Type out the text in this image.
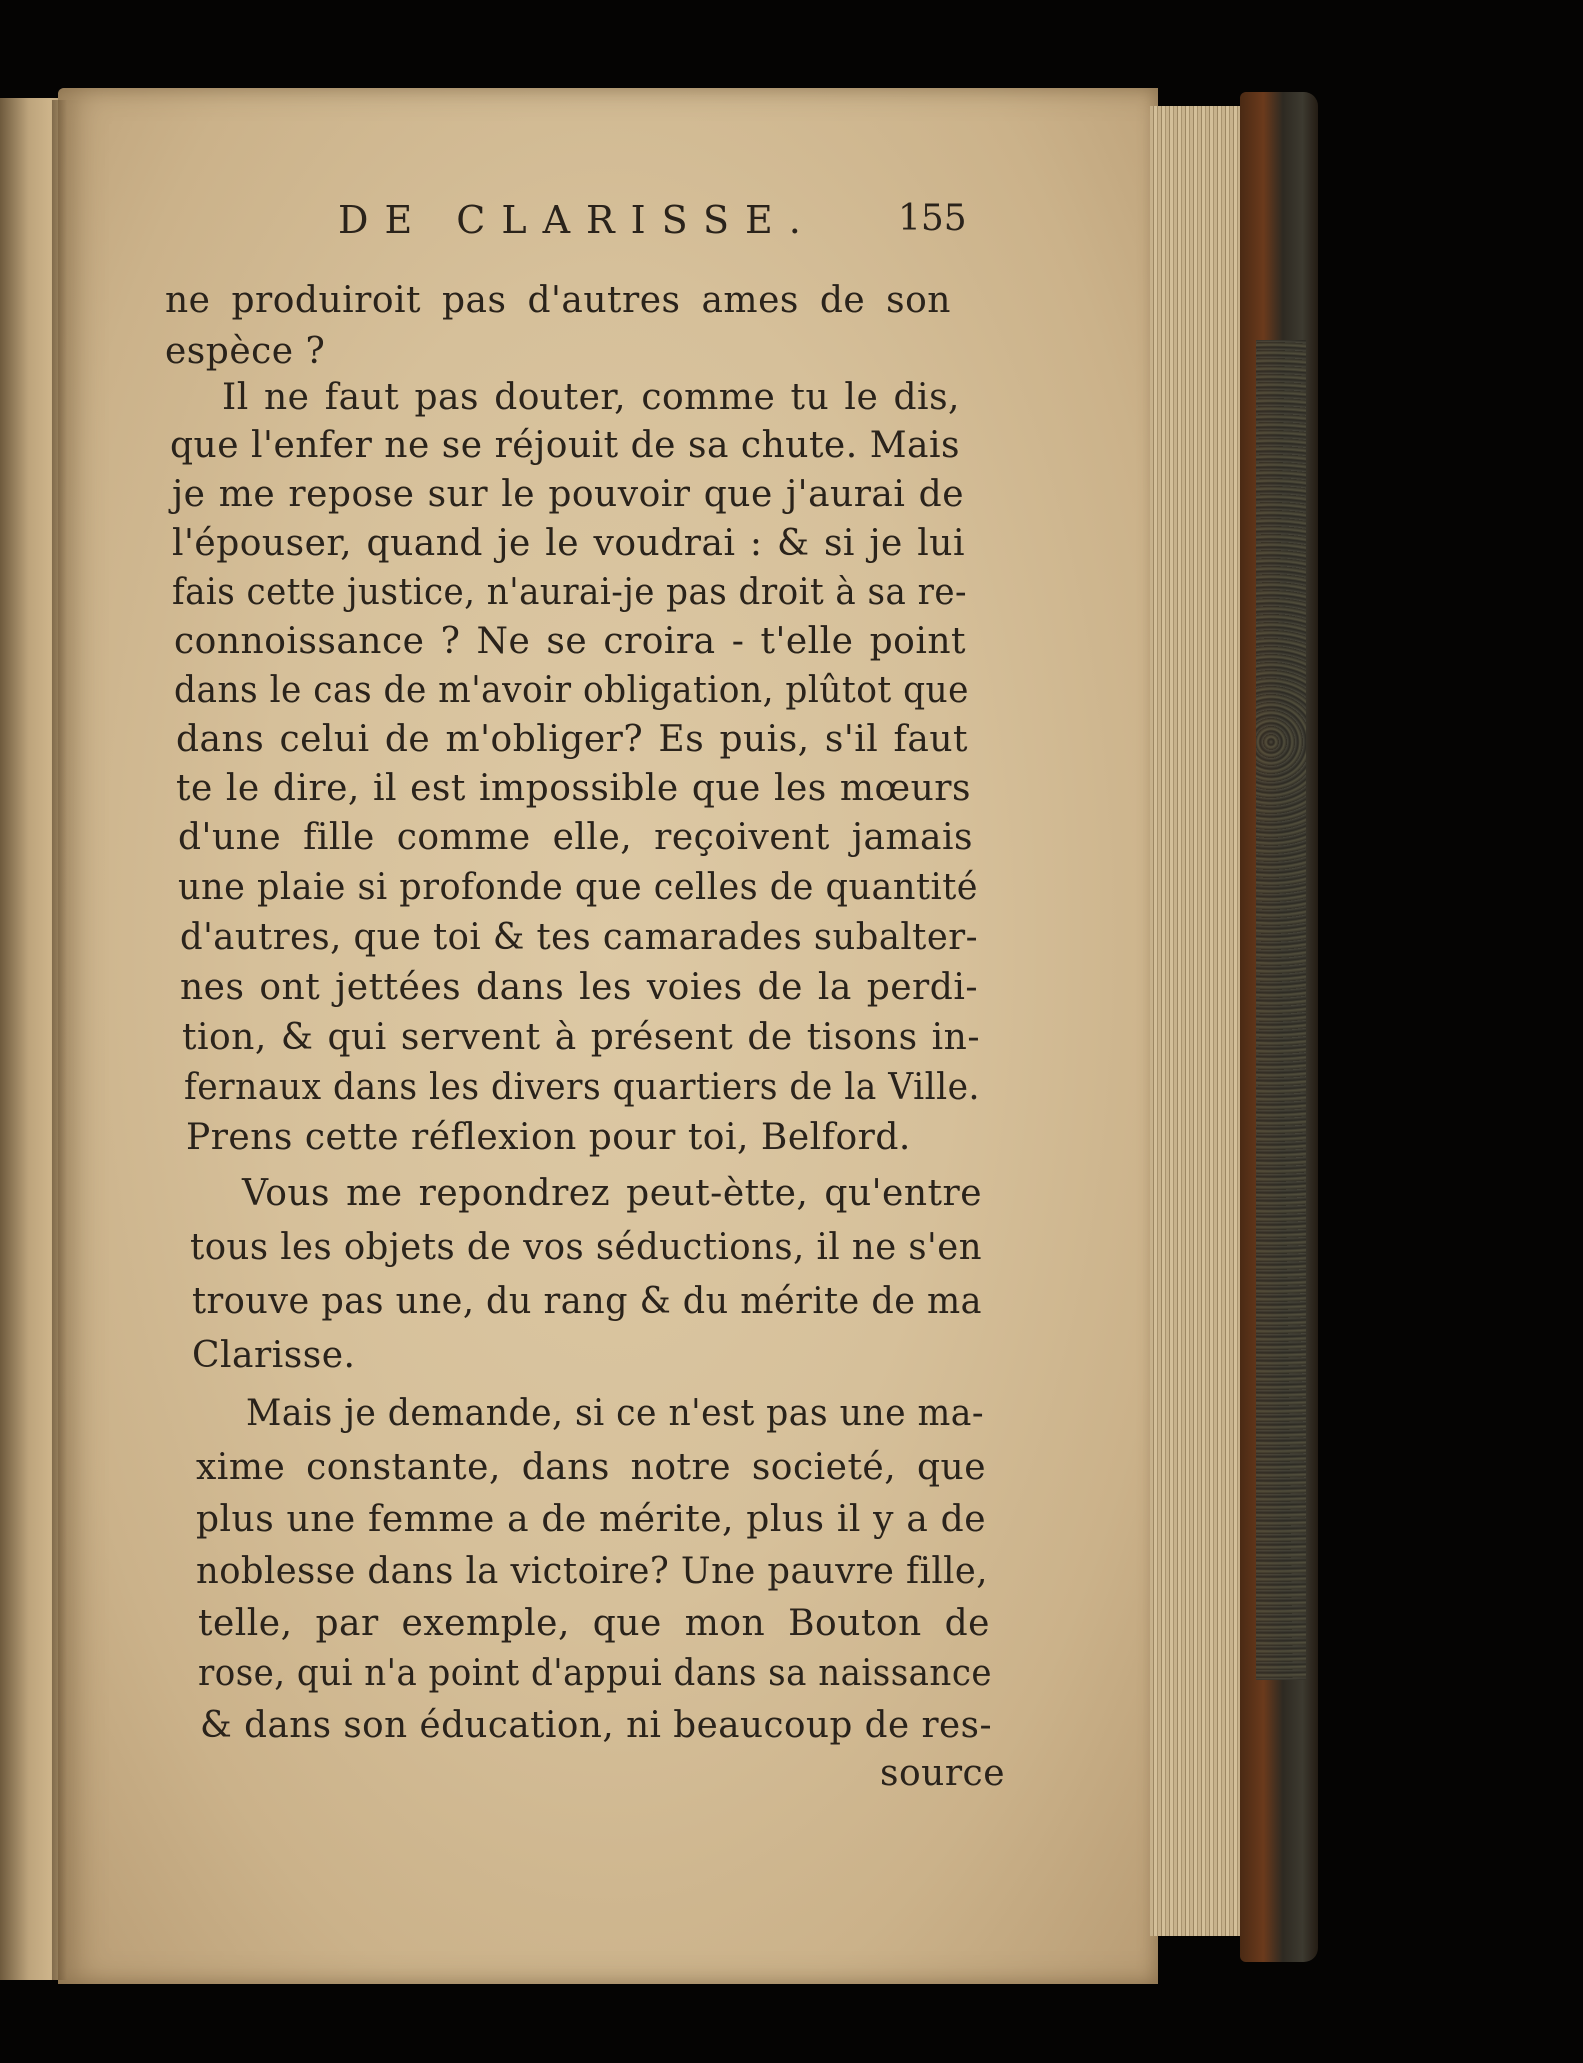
DE CLARISSE. 155
ne produiroit pas d'autres ames de son
espèce ?
Il ne faut pas douter, comme tu le dis,
que l'enfer ne se réjouit de sa chute. Mais
je me repose sur le pouvoir que j'aurai de
l'épouser, quand je le voudrai : & si je lui
fais cette justice, n'aurai-je pas droit à sa re-
connoissance ? Ne se croira - t'elle point
dans le cas de m'avoir obligation, plûtot que
dans celui de m'obliger? Es puis, s'il faut
te le dire, il est impossible que les mœurs
d'une fille comme elle, reçoivent jamais
une plaie si profonde que celles de quantité
d'autres, que toi & tes camarades subalter-
nes ont jettées dans les voies de la perdi-
tion, & qui servent à présent de tisons in-
fernaux dans les divers quartiers de la Ville.
Prens cette réflexion pour toi, Belford.
Vous me repondrez peut-ètte, qu'entre
tous les objets de vos séductions, il ne s'en
trouve pas une, du rang & du mérite de ma
Clarisse.
Mais je demande, si ce n'est pas une ma-
xime constante, dans notre societé, que
plus une femme a de mérite, plus il y a de
noblesse dans la victoire? Une pauvre fille,
telle, par exemple, que mon Bouton de
rose, qui n'a point d'appui dans sa naissance
& dans son éducation, ni beaucoup de res-
source
